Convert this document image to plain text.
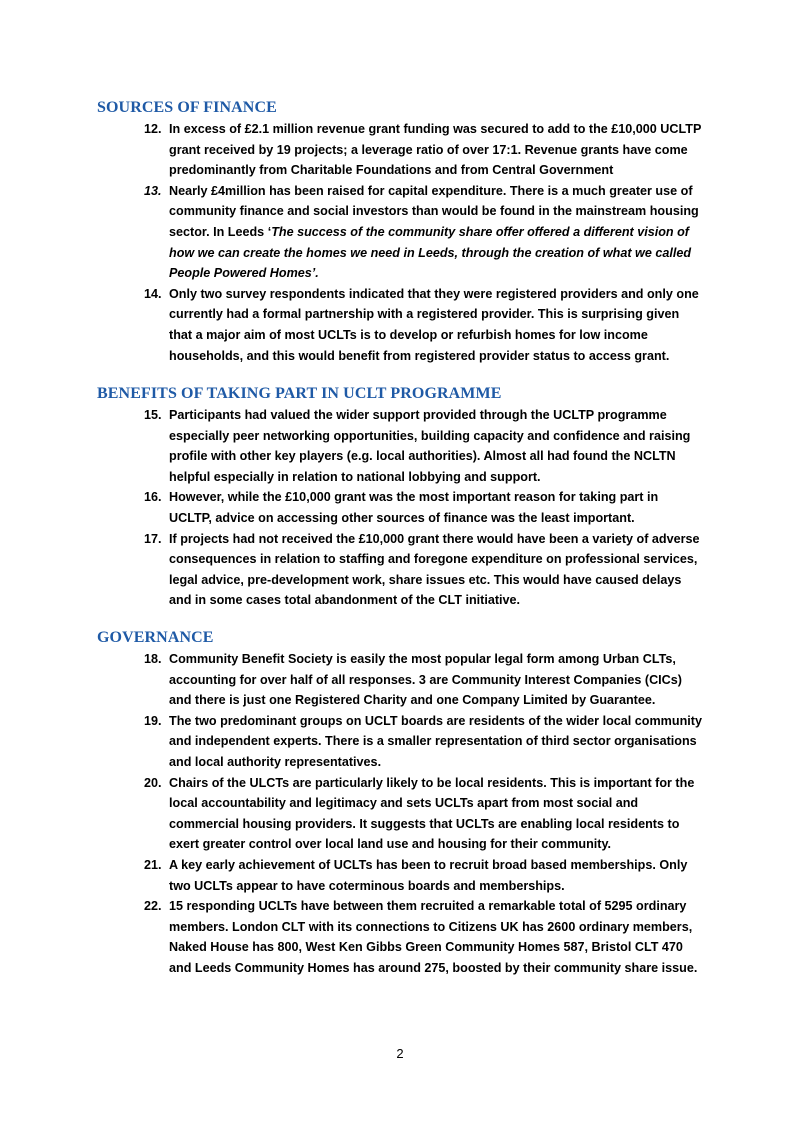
SOURCES OF FINANCE
12. In excess of £2.1 million revenue grant funding was secured to add to the £10,000 UCLTP grant received by 19 projects; a leverage ratio of over 17:1. Revenue grants have come predominantly from Charitable Foundations and from Central Government
13. Nearly £4million has been raised for capital expenditure. There is a much greater use of community finance and social investors than would be found in the mainstream housing sector. In Leeds ‘The success of the community share offer offered a different vision of how we can create the homes we need in Leeds, through the creation of what we called People Powered Homes’.
14. Only two survey respondents indicated that they were registered providers and only one currently had a formal partnership with a registered provider. This is surprising given that a major aim of most UCLTs is to develop or refurbish homes for low income households, and this would benefit from registered provider status to access grant.
BENEFITS OF TAKING PART IN UCLT PROGRAMME
15. Participants had valued the wider support provided through the UCLTP programme especially peer networking opportunities, building capacity and confidence and raising profile with other key players (e.g. local authorities). Almost all had found the NCLTN helpful especially in relation to national lobbying and support.
16. However, while the £10,000 grant was the most important reason for taking part in UCLTP, advice on accessing other sources of finance was the least important.
17. If projects had not received the £10,000 grant there would have been a variety of adverse consequences in relation to staffing and foregone expenditure on professional services, legal advice, pre-development work, share issues etc. This would have caused delays and in some cases total abandonment of the CLT initiative.
GOVERNANCE
18. Community Benefit Society is easily the most popular legal form among Urban CLTs, accounting for over half of all responses. 3 are Community Interest Companies (CICs) and there is just one Registered Charity and one Company Limited by Guarantee.
19. The two predominant groups on UCLT boards are residents of the wider local community and independent experts. There is a smaller representation of third sector organisations and local authority representatives.
20. Chairs of the ULCTs are particularly likely to be local residents. This is important for the local accountability and legitimacy and sets UCLTs apart from most social and commercial housing providers. It suggests that UCLTs are enabling local residents to exert greater control over local land use and housing for their community.
21. A key early achievement of UCLTs has been to recruit broad based memberships. Only two UCLTs appear to have coterminous boards and memberships.
22. 15 responding UCLTs have between them recruited a remarkable total of 5295 ordinary members. London CLT with its connections to Citizens UK has 2600 ordinary members, Naked House has 800, West Ken Gibbs Green Community Homes 587, Bristol CLT 470 and Leeds Community Homes has around 275, boosted by their community share issue.
2
